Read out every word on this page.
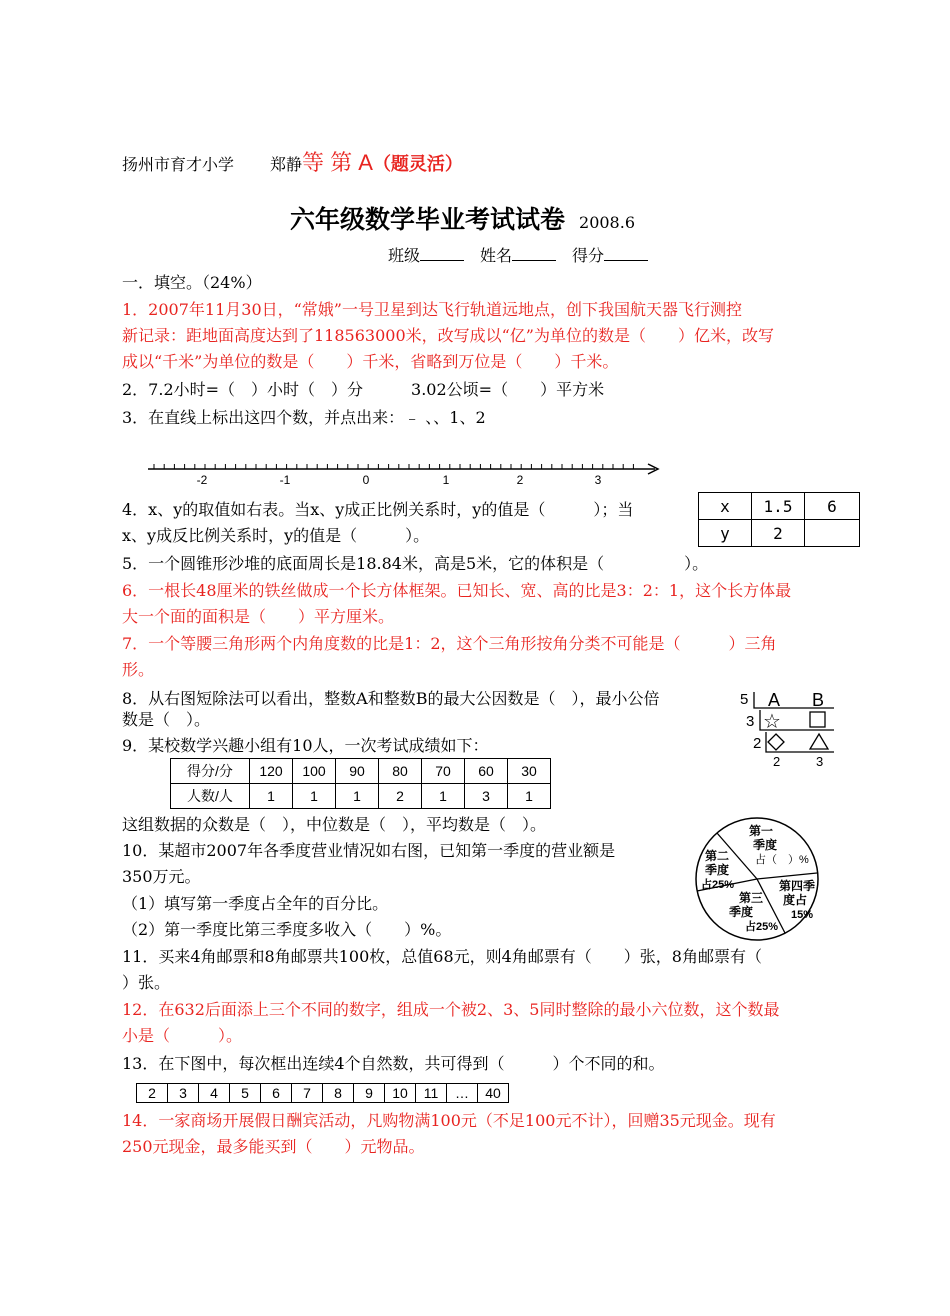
扬州市育才小学 郑静等 第 A（题灵活）
六年级数学毕业考试试卷 2008.6
班级	姓名	得分
一．填空。（24%）
1．2007年11月30日，“常娥”一号卫星到达飞行轨道远地点，创下我国航天器飞行测控
新记录：距地面高度达到了118563000米，改写成以“亿”为单位的数是（　　）亿米，改写
成以“千米”为单位的数是（　　）千米，省略到万位是（　　）千米。
2．7.2小时=（　）小时（　）分　　　3.02公顷=（　　）平方米
3．在直线上标出这四个数，并点出来：﹣ 、、1、2
-2	-1	0	1	2	3
4．x、y的取值如右表。当x、y成正比例关系时，y的值是（　　　）；当
x、y成反比例关系时，y的值是（　　　）。
x	1.5	6
y	2	
5．一个圆锥形沙堆的底面周长是18.84米，高是5米，它的体积是（　　　　　）。
6．一根长48厘米的铁丝做成一个长方体框架。已知长、宽、高的比是3：2：1，这个长方体最
大一个面的面积是（　　）平方厘米。
7．一个等腰三角形两个内角度数的比是1：2，这个三角形按角分类不可能是（　　　）三角
形。
8．从右图短除法可以看出，整数A和整数B的最大公因数是（　），最小公倍
数是（　）。
5
3
2
A B
☆
2	3
9．某校数学兴趣小组有10人，一次考试成绩如下：
得分/分	120	100	90	80	70	60	30
人数/人	1	1	1	2	1	3	1
这组数据的众数是（　），中位数是（　），平均数是（　）。
10．某超市2007年各季度营业情况如右图，已知第一季度的营业额是
350万元。
（1）填写第一季度占全年的百分比。
（2）第一季度比第三季度多收入（　　）%。
第一
季度
占（　）%
第二
季度
占25%
第三
季度
占25%
第四季
度占
15%
11．买来4角邮票和8角邮票共100枚，总值68元，则4角邮票有（　　）张，8角邮票有（
）张。
12．在632后面添上三个不同的数字，组成一个被2、3、5同时整除的最小六位数，这个数最
小是（　　　）。
13．在下图中，每次框出连续4个自然数，共可得到（　　　）个不同的和。
2	3	4	5	6	7	8	9	10	11	…	40
14．一家商场开展假日酬宾活动，凡购物满100元（不足100元不计），回赠35元现金。现有
250元现金，最多能买到（　　）元物品。
